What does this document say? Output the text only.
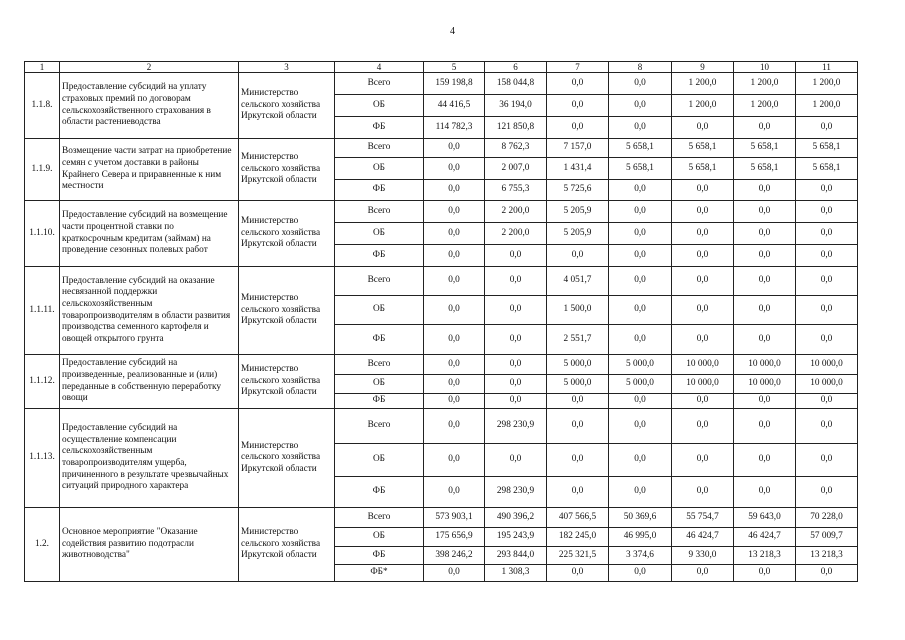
4
1	2	3	4	5	6	7	8	9	10	11
1.1.8.	Предоставление субсидий на уплату страховых премий по договорам сельскохозяйственного страхования в области растениеводства	Министерство сельского хозяйства Иркутской области	Всего	159 198,8	158 044,8	0,0	0,0	1 200,0	1 200,0	1 200,0
			ОБ	44 416,5	36 194,0	0,0	0,0	1 200,0	1 200,0	1 200,0
			ФБ	114 782,3	121 850,8	0,0	0,0	0,0	0,0	0,0
1.1.9.	Возмещение части затрат на приобретение семян с учетом доставки в районы Крайнего Севера и приравненные к ним местности	Министерство сельского хозяйства Иркутской области	Всего	0,0	8 762,3	7 157,0	5 658,1	5 658,1	5 658,1	5 658,1
			ОБ	0,0	2 007,0	1 431,4	5 658,1	5 658,1	5 658,1	5 658,1
			ФБ	0,0	6 755,3	5 725,6	0,0	0,0	0,0	0,0
1.1.10.	Предоставление субсидий на возмещение части процентной ставки по краткосрочным кредитам (займам) на проведение сезонных полевых работ	Министерство сельского хозяйства Иркутской области	Всего	0,0	2 200,0	5 205,9	0,0	0,0	0,0	0,0
			ОБ	0,0	2 200,0	5 205,9	0,0	0,0	0,0	0,0
			ФБ	0,0	0,0	0,0	0,0	0,0	0,0	0,0
1.1.11.	Предоставление субсидий на оказание несвязанной поддержки сельскохозяйственным товаропроизводителям в области развития производства семенного картофеля и овощей открытого грунта	Министерство сельского хозяйства Иркутской области	Всего	0,0	0,0	4 051,7	0,0	0,0	0,0	0,0
			ОБ	0,0	0,0	1 500,0	0,0	0,0	0,0	0,0
			ФБ	0,0	0,0	2 551,7	0,0	0,0	0,0	0,0
1.1.12.	Предоставление субсидий на произведенные, реализованные и (или) переданные в собственную переработку овощи	Министерство сельского хозяйства Иркутской области	Всего	0,0	0,0	5 000,0	5 000,0	10 000,0	10 000,0	10 000,0
			ОБ	0,0	0,0	5 000,0	5 000,0	10 000,0	10 000,0	10 000,0
			ФБ	0,0	0,0	0,0	0,0	0,0	0,0	0,0
1.1.13.	Предоставление субсидий на осуществление компенсации сельскохозяйственным товаропроизводителям ущерба, причиненного в результате чрезвычайных ситуаций природного характера	Министерство сельского хозяйства Иркутской области	Всего	0,0	298 230,9	0,0	0,0	0,0	0,0	0,0
			ОБ	0,0	0,0	0,0	0,0	0,0	0,0	0,0
			ФБ	0,0	298 230,9	0,0	0,0	0,0	0,0	0,0
1.2.	Основное мероприятие "Оказание содействия развитию подотрасли животноводства"	Министерство сельского хозяйства Иркутской области	Всего	573 903,1	490 396,2	407 566,5	50 369,6	55 754,7	59 643,0	70 228,0
			ОБ	175 656,9	195 243,9	182 245,0	46 995,0	46 424,7	46 424,7	57 009,7
			ФБ	398 246,2	293 844,0	225 321,5	3 374,6	9 330,0	13 218,3	13 218,3
			ФБ*	0,0	1 308,3	0,0	0,0	0,0	0,0	0,0
